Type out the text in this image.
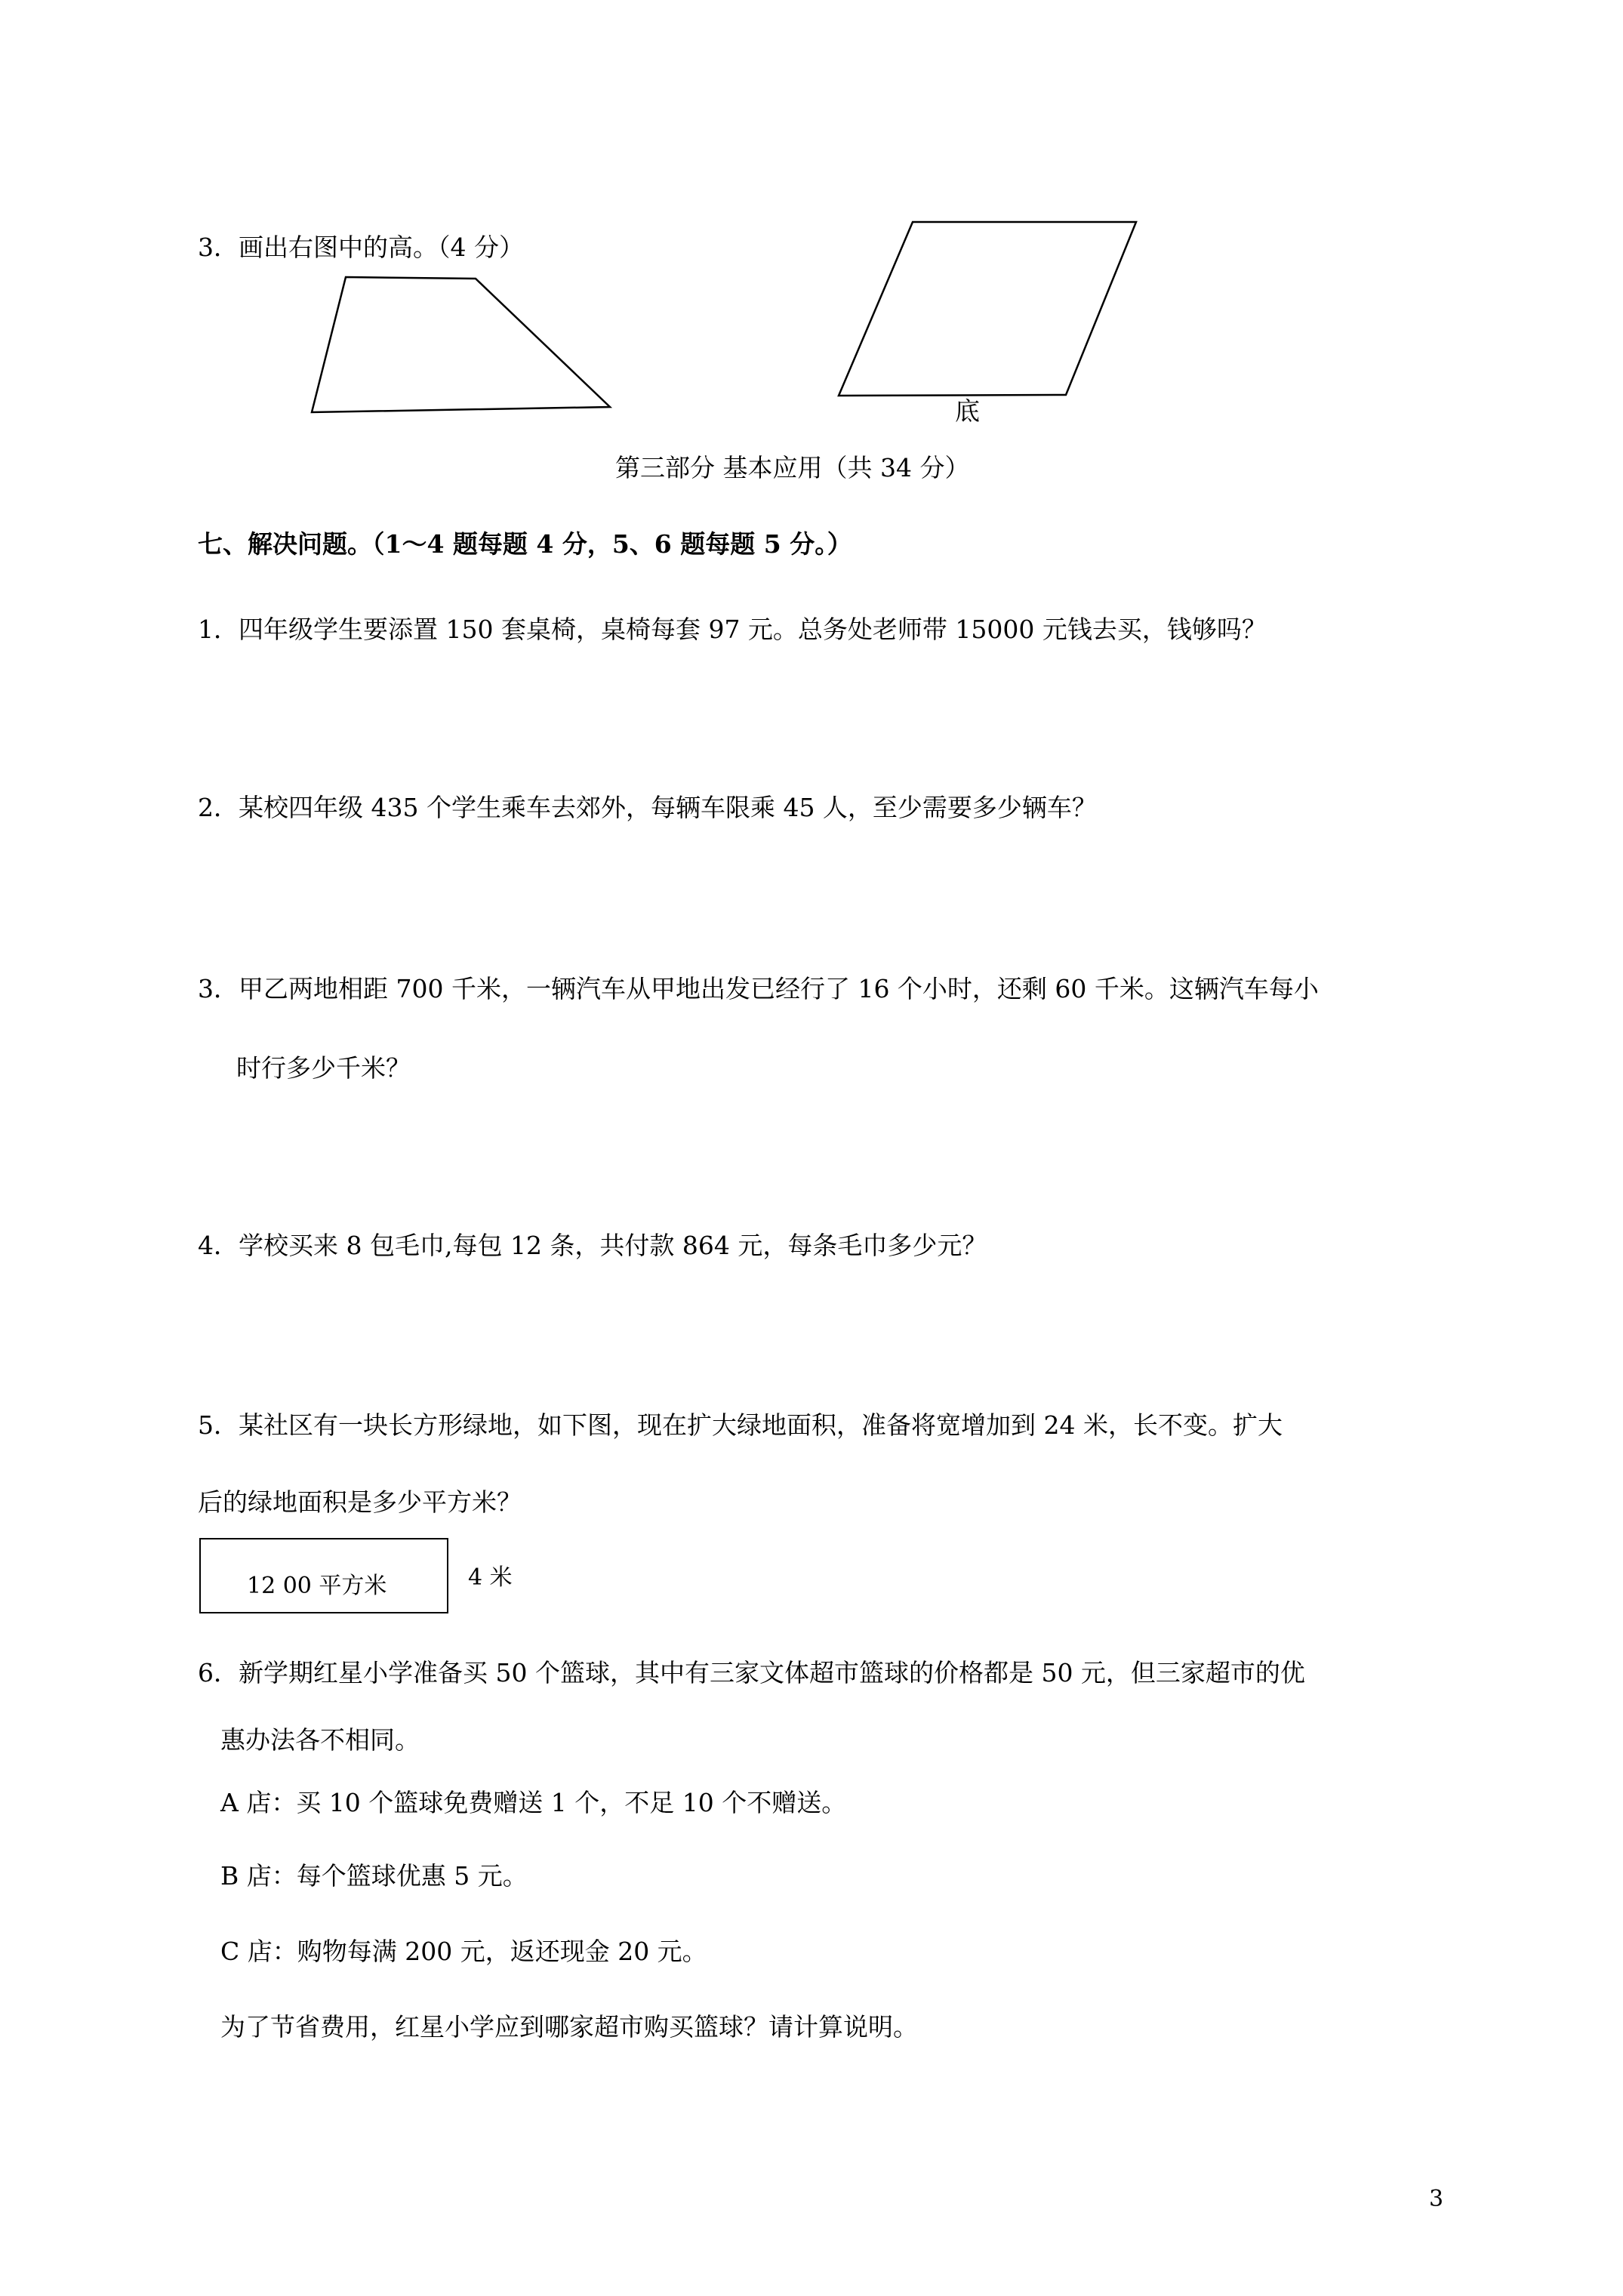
3．画出右图中的高。（4 分）
底
第三部分 基本应用（共 34 分）
七、解决问题。（1～4 题每题 4 分，5、6 题每题 5 分。）
1．四年级学生要添置 150 套桌椅，桌椅每套 97 元。总务处老师带 15000 元钱去买，钱够吗？
2．某校四年级 435 个学生乘车去郊外，每辆车限乘 45 人，至少需要多少辆车？
3．甲乙两地相距 700 千米，一辆汽车从甲地出发已经行了 16 个小时，还剩 60 千米。这辆汽车每小
时行多少千米？
4．学校买来 8 包毛巾,每包 12 条，共付款 864 元，每条毛巾多少元？
5．某社区有一块长方形绿地，如下图，现在扩大绿地面积，准备将宽增加到 24 米，长不变。扩大
后的绿地面积是多少平方米？
12 00 平方米	4 米
6．新学期红星小学准备买 50 个篮球，其中有三家文体超市篮球的价格都是 50 元，但三家超市的优
惠办法各不相同。
A 店：买 10 个篮球免费赠送 1 个，不足 10 个不赠送。
B 店：每个篮球优惠 5 元。
C 店：购物每满 200 元，返还现金 20 元。
为了节省费用，红星小学应到哪家超市购买篮球？请计算说明。
3
